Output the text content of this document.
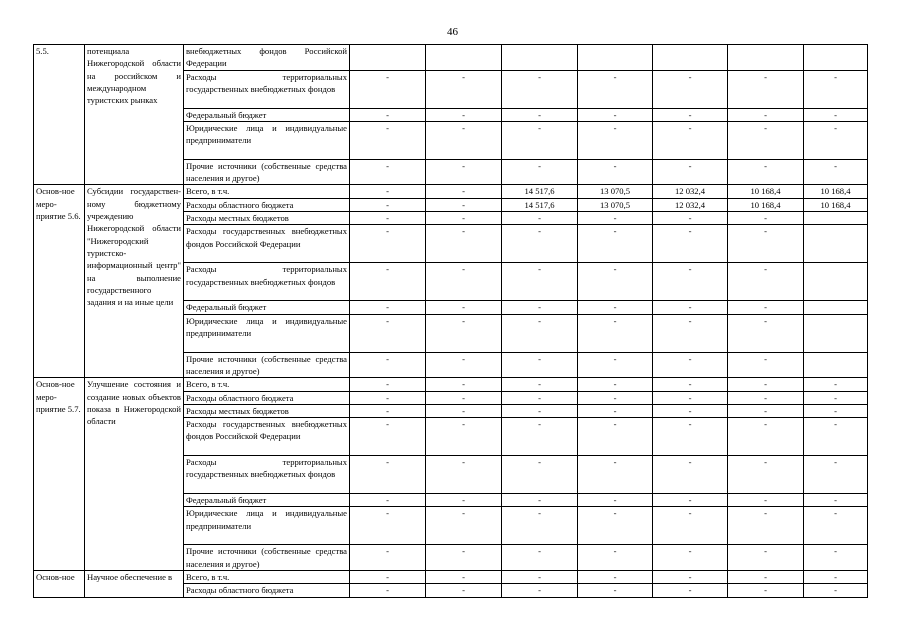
46
5.5.	потенциала Нижегородской области на российском и международном туристских рынках	внебюджетных фондов Российской Федерации							
		Расходы территориальных государственных внебюджетных фондов	-	-	-	-	-	-	-
		Федеральный бюджет	-	-	-	-	-	-	-
		Юридические лица и индивидуальные предприниматели	-	-	-	-	-	-	-
		Прочие источники (собственные средства населения и другое)	-	-	-	-	-	-	-
Основ-ное меро-приятие 5.6.	Субсидии государствен-ному бюджетному учреждению Нижегородской области "Нижегородский туристско-информационный центр" на выполнение государственного задания и на иные цели	Всего, в т.ч.	-	-	14 517,6	13 070,5	12 032,4	10 168,4	10 168,4
		Расходы областного бюджета	-	-	14 517,6	13 070,5	12 032,4	10 168,4	10 168,4
		Расходы местных бюджетов	-	-	-	-	-	-	
		Расходы государственных внебюджетных фондов Российской Федерации	-	-	-	-	-	-	
		Расходы территориальных государственных внебюджетных фондов	-	-	-	-	-	-	
		Федеральный бюджет	-	-	-	-	-	-	
		Юридические лица и индивидуальные предприниматели	-	-	-	-	-	-	
		Прочие источники (собственные средства населения и другое)	-	-	-	-	-	-	
Основ-ное меро-приятие 5.7.	Улучшение состояния и создание новых объектов показа в Нижегородской области	Всего, в т.ч.	-	-	-	-	-	-	-
		Расходы областного бюджета	-	-	-	-	-	-	-
		Расходы местных бюджетов	-	-	-	-	-	-	-
		Расходы государственных внебюджетных фондов Российской Федерации	-	-	-	-	-	-	-
		Расходы территориальных государственных внебюджетных фондов	-	-	-	-	-	-	-
		Федеральный бюджет	-	-	-	-	-	-	-
		Юридические лица и индивидуальные предприниматели	-	-	-	-	-	-	-
		Прочие источники (собственные средства населения и другое)	-	-	-	-	-	-	-
Основ-ное	Научное обеспечение в	Всего, в т.ч.	-	-	-	-	-	-	-
		Расходы областного бюджета	-	-	-	-	-	-	-
